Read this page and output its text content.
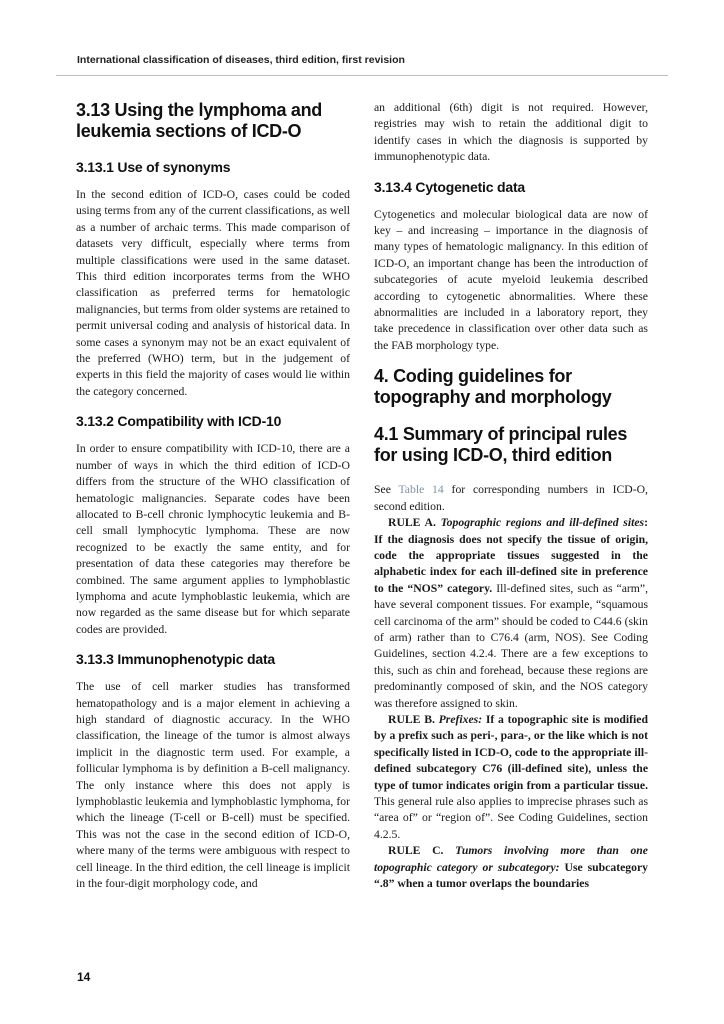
International classification of diseases, third edition, first revision
3.13 Using the lymphoma and leukemia sections of ICD-O
3.13.1 Use of synonyms

In the second edition of ICD-O, cases could be coded using terms from any of the current classifications, as well as a number of archaic terms. This made comparison of datasets very difficult, especially where terms from multiple classifications were used in the same dataset. This third edition incorporates terms from the WHO classification as preferred terms for hematologic malignancies, but terms from older systems are retained to permit universal coding and analysis of historical data. In some cases a synonym may not be an exact equivalent of the preferred (WHO) term, but in the judgement of experts in this field the majority of cases would lie within the category concerned.

3.13.2 Compatibility with ICD-10

In order to ensure compatibility with ICD-10, there are a number of ways in which the third edition of ICD-O differs from the structure of the WHO classification of hematologic malignancies. Separate codes have been allocated to B-cell chronic lymphocytic leukemia and B-cell small lymphocytic lymphoma. These are now recognized to be exactly the same entity, and for presentation of data these categories may therefore be combined. The same argument applies to lymphoblastic lymphoma and acute lymphoblastic leukemia, which are now regarded as the same disease but for which separate codes are provided.

3.13.3 Immunophenotypic data

The use of cell marker studies has transformed hematopathology and is a major element in achieving a high standard of diagnostic accuracy. In the WHO classification, the lineage of the tumor is almost always implicit in the diagnostic term used. For example, a follicular lymphoma is by definition a B-cell malignancy. The only instance where this does not apply is lymphoblastic leukemia and lymphoblastic lymphoma, for which the lineage (T-cell or B-cell) must be specified. This was not the case in the second edition of ICD-O, where many of the terms were ambiguous with respect to cell lineage. In the third edition, the cell lineage is implicit in the four-digit morphology code, and

an additional (6th) digit is not required. However, registries may wish to retain the additional digit to identify cases in which the diagnosis is supported by immunophenotypic data.

3.13.4 Cytogenetic data

Cytogenetics and molecular biological data are now of key – and increasing – importance in the diagnosis of many types of hematologic malignancy. In this edition of ICD-O, an important change has been the introduction of subcategories of acute myeloid leukemia described according to cytogenetic abnormalities. Where these abnormalities are included in a laboratory report, they take precedence in classification over other data such as the FAB morphology type.

4. Coding guidelines for topography and morphology
4.1 Summary of principal rules for using ICD-O, third edition

See Table 14 for corresponding numbers in ICD-O, second edition.

RULE A. Topographic regions and ill-defined sites: If the diagnosis does not specify the tissue of origin, code the appropriate tissues suggested in the alphabetic index for each ill-defined site in preference to the “NOS” category. Ill-defined sites, such as “arm”, have several component tissues. For example, “squamous cell carcinoma of the arm” should be coded to C44.6 (skin of arm) rather than to C76.4 (arm, NOS). See Coding Guidelines, section 4.2.4. There are a few exceptions to this, such as chin and forehead, because these regions are predominantly composed of skin, and the NOS category was therefore assigned to skin.

RULE B. Prefixes: If a topographic site is modified by a prefix such as peri-, para-, or the like which is not specifically listed in ICD-O, code to the appropriate ill-defined subcategory C76 (ill-defined site), unless the type of tumor indicates origin from a particular tissue. This general rule also applies to imprecise phrases such as “area of” or “region of”. See Coding Guidelines, section 4.2.5.

RULE C. Tumors involving more than one topographic category or subcategory: Use subcategory “.8” when a tumor overlaps the boundaries

14
